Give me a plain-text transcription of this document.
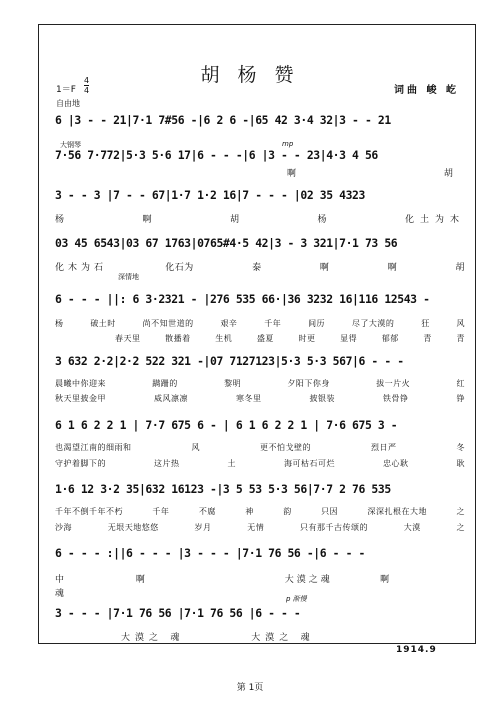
胡 杨 赞
词曲 峻 屹
1＝F
4
4
自由地
大钢琴	mp
深情地
p 渐慢
6 |3 - - 21|7·1 7#56 -|6 2 6 -|65 42 3·4 32|3 - - 21
7·56 7·772|5·3 5·6 17|6 - - -|6 |3 - - 23|4·3 4 56
啊	胡
3 - - 3 |7 - - 67|1·7 1·2 16|7 - - - |02 35 4323
杨	啊	胡	杨	化土为木
03 45 6543|03 67 1763|0765#4·5 42|3 - 3 321|7·1 73 56
化木为石	化石为	泰	啊	啊	胡
6 - - - ||: 6 3·2321 - |276 535 66·|36 3232 16|116 12543 -
杨	破土时	尚不知世道的	艰辛	千年	间历	尽了大漠的	狂	风
春天里	散播着	生机	盛夏	时更	显得	郁郁	青	青
3 632 2·2|2·2 522 321 -|07 7127123|5·3 5·3 567|6 - - -
晨曦中你迎来	蹒跚的	黎明	夕阳下你身	拔一片火	红
秋天里披金甲	威风凛凛	寒冬里	披银装	铁骨铮	铮
6 1 6 2 2 1 | 7·7 675 6 - | 6 1 6 2 2 1 | 7·6 675 3 -
也渴望江南的细雨和	风	更不怕戈壁的	烈日严	冬
守护着脚下的	这片热	土	海可枯石可烂	忠心耿	耿
1·6 12 3·2 35|632 16123 -|3 5 53 5·3 56|7·7 2 76 535
千年不倒千年不朽	千年	不腐	神	韵	只因	深深扎根在大地	之
沙海	无垠天地悠悠	岁月	无情	只有那千古传颂的	大漠	之
6 - - - :||6 - - - |3 - - - |7·1 76 56 -|6 - - -
中	啊	大漠之魂	啊
魂
3 - - - |7·1 76 56 |7·1 76 56 |6 - - -
大漠之 魂	大漠之 魂
1914.9
第 1页
